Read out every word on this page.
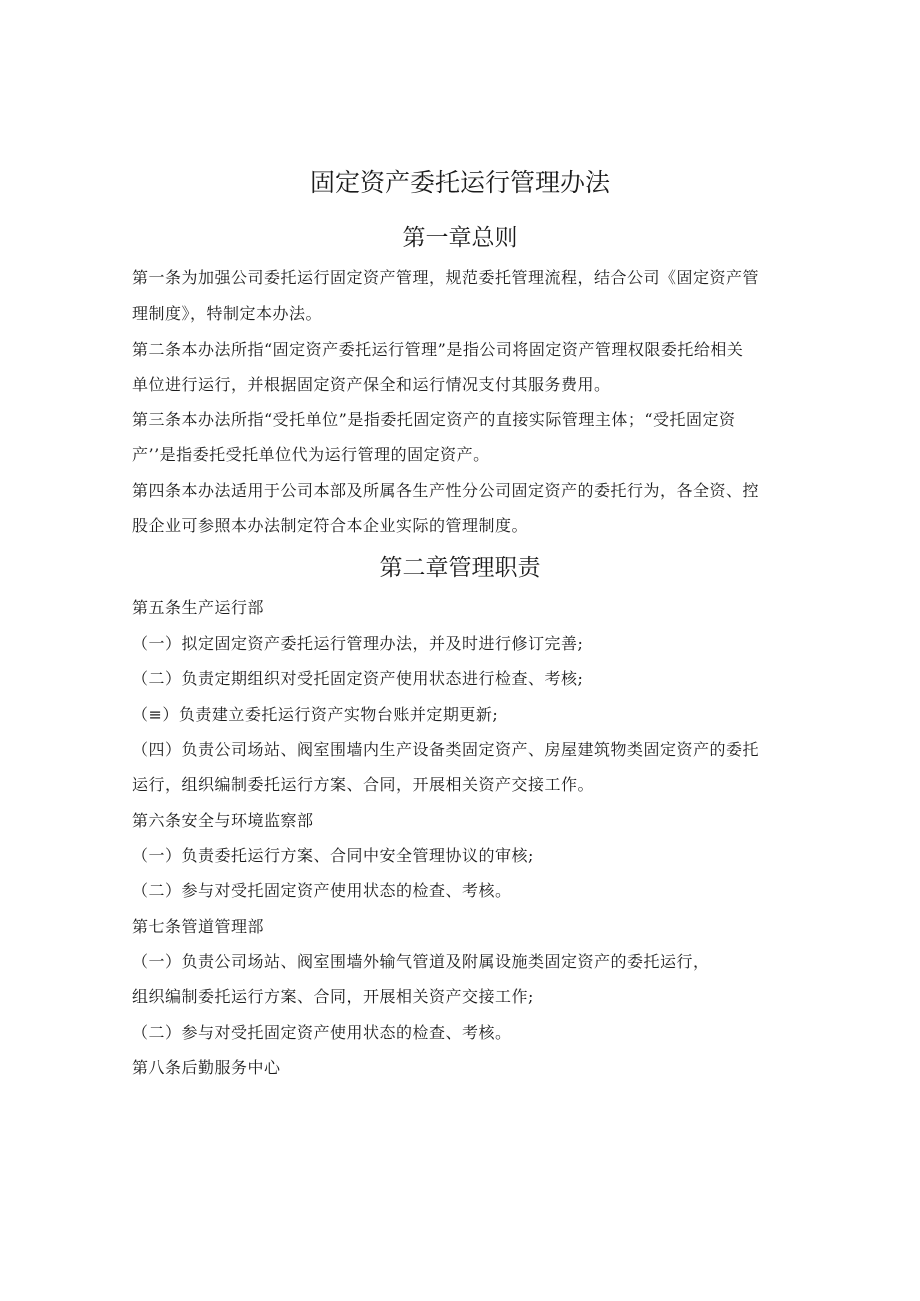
固定资产委托运行管理办法
第一章总则

第一条为加强公司委托运行固定资产管理，规范委托管理流程，结合公司《固定资产管

理制度》，特制定本办法。

第二条本办法所指“固定资产委托运行管理”是指公司将固定资产管理权限委托给相关

单位进行运行，并根据固定资产保全和运行情况支付其服务费用。

第三条本办法所指“受托单位”是指委托固定资产的直接实际管理主体；“受托固定资

产’’是指委托受托单位代为运行管理的固定资产。

第四条本办法适用于公司本部及所属各生产性分公司固定资产的委托行为，各全资、控

股企业可参照本办法制定符合本企业实际的管理制度。

第二章管理职责

第五条生产运行部

（一）拟定固定资产委托运行管理办法，并及时进行修订完善;

（二）负责定期组织对受托固定资产使用状态进行检查、考核;

（≡）负责建立委托运行资产实物台账并定期更新;

（四）负责公司场站、阀室围墙内生产设备类固定资产、房屋建筑物类固定资产的委托

运行，组织编制委托运行方案、合同，开展相关资产交接工作。

第六条安全与环境监察部

（一）负责委托运行方案、合同中安全管理协议的审核;

（二）参与对受托固定资产使用状态的检查、考核。

第七条管道管理部

（一）负责公司场站、阀室围墙外输气管道及附属设施类固定资产的委托运行，

组织编制委托运行方案、合同，开展相关资产交接工作;

（二）参与对受托固定资产使用状态的检查、考核。

第八条后勤服务中心
